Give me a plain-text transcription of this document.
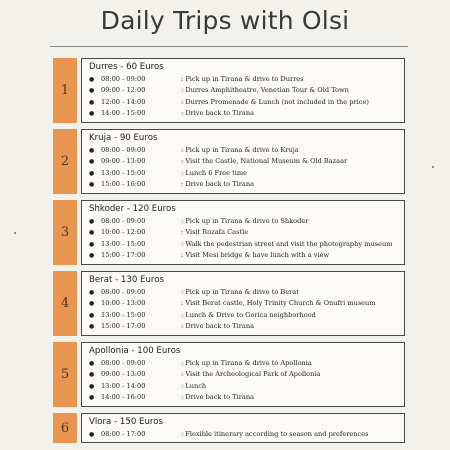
Daily Trips with Olsi
1
Durres - 60 Euros
●	08:00 - 09:00	: Pick up in Tirana & drive to Durres
●	09:00 - 12:00	: Durres Amphitheatre, Venetian Tour & Old Town
●	12:00 - 14:00	: Durres Promenade & Lunch (not included in the price)
●	14:00 - 15:00	: Drive back to Tirana
2
Kruja - 90 Euros
●	08:00 - 09:00	: Pick up in Tirana & drive to Kruja
●	09:00 - 13:00	: Visit the Castle, National Museum & Old Bazaar
●	13:00 - 15:00	: Lunch 6 Free time
●	15:00 - 16:00	: Drive back to Tirana
3
Shkoder - 120 Euros
●	08:00 - 09:00	: Pick up in Tirana & drive to Shkoder
●	10:00 - 12:00	: Visit Rozafa Castle
●	13:00 - 15:00	: Walk the pedestrian street and visit the photography museum
●	15:00 - 17:00	: Visit Mesi bridge & have lunch with a view
4
Berat - 130 Euros
●	08:00 - 09:00	: Pick up in Tirana & drive to Berat
●	10:00 - 13:00	: Visit Berat castle, Holy Trinity Church & Onufri museum
●	13:00 - 15:00	: Lunch & Drive to Gorica neighborhood
●	15:00 - 17:00	: Drive back to Tirana
5
Apollonia - 100 Euros
●	08:00 - 09:00	: Pick up in Tirana & drive to Apollonia
●	09:00 - 13:00	: Visit the Archeological Park of Apollonia
●	13:00 - 14:00	: Lunch
●	14:00 - 16:00	: Drive back to Tirana
6	Vlora - 150 Euros
●	08:00 - 17:00	: Flexible itinerary according to season and preferences
